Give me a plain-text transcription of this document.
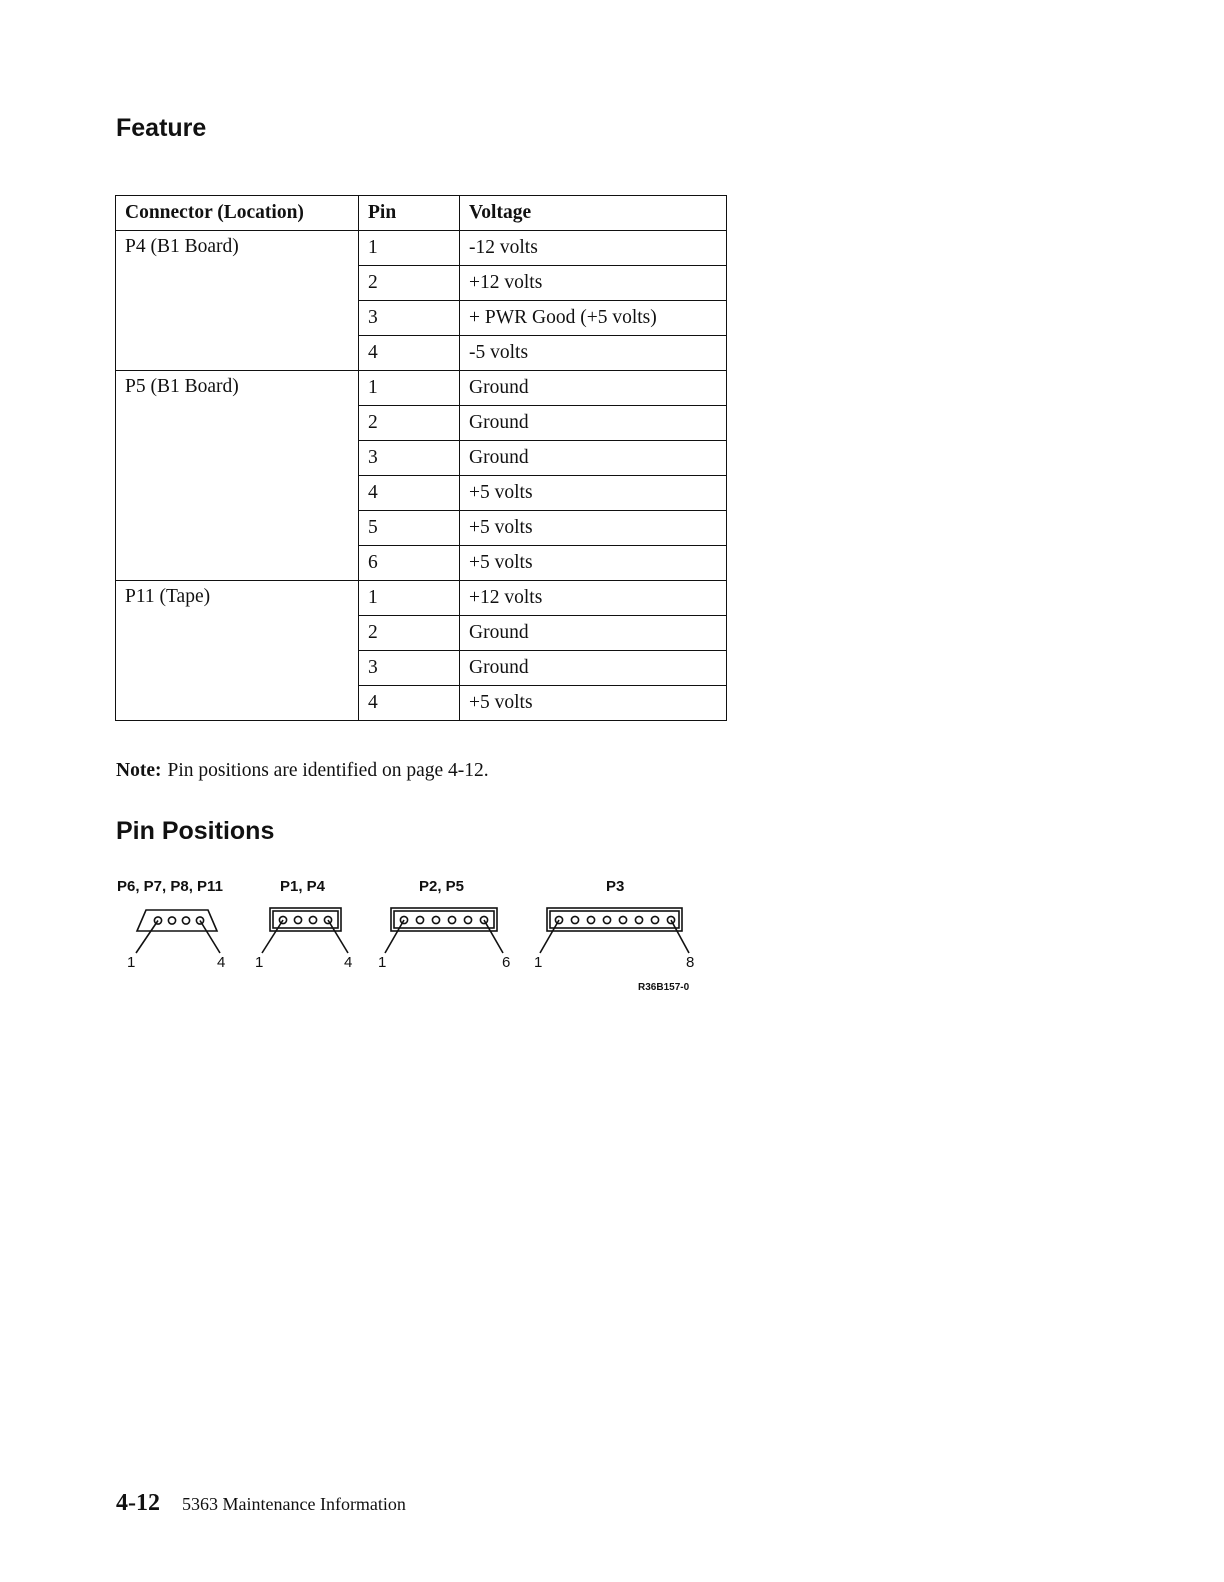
Feature
Connector (Location)	Pin	Voltage
P4 (B1 Board)	1	-12 volts
	2	+12 volts
	3	+ PWR Good (+5 volts)
	4	-5 volts
P5 (B1 Board)	1	Ground
	2	Ground
	3	Ground
	4	+5 volts
	5	+5 volts
	6	+5 volts
P11 (Tape)	1	+12 volts
	2	Ground
	3	Ground
	4	+5 volts

Note: Pin positions are identified on page 4-12.

Pin Positions
P6, P7, P8, P11	P1, P4	P2, P5	P3
1	4 1	4 1	6 1	8
R36B157-0

4-12 5363 Maintenance Information
